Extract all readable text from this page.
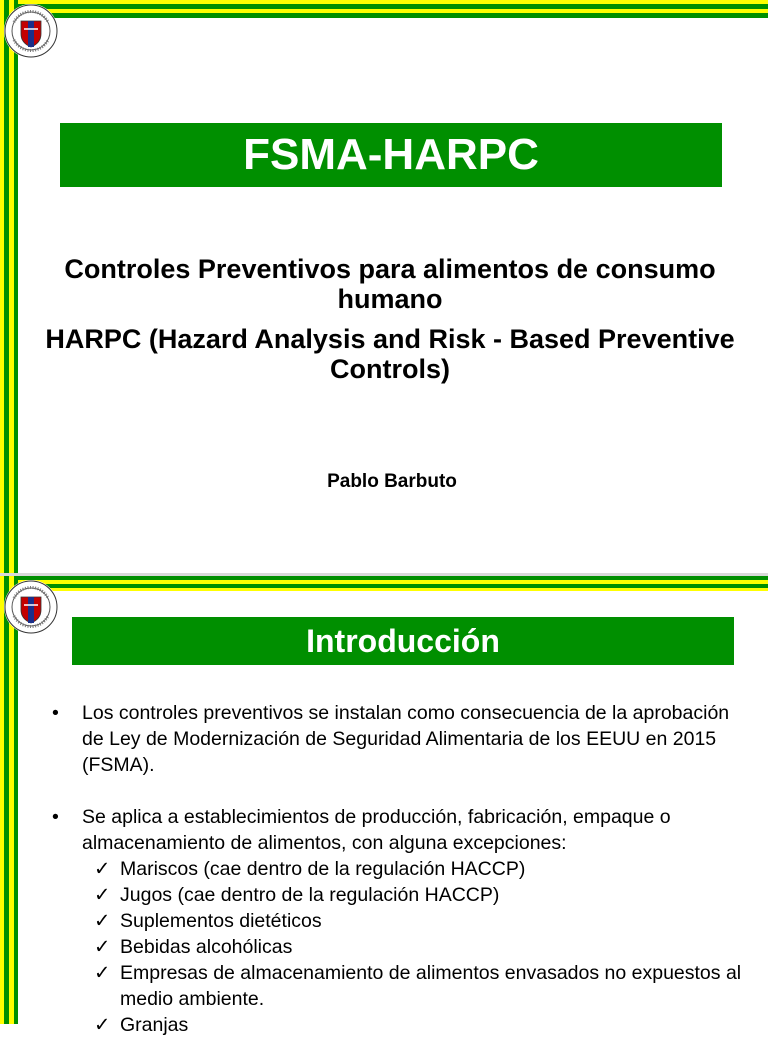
FSMA-HARPC
Controles Preventivos para alimentos de consumo humano
HARPC (Hazard Analysis and Risk - Based Preventive Controls)
Pablo Barbuto
Introducción
• Los controles preventivos se instalan como consecuencia de la aprobación de Ley de Modernización de Seguridad Alimentaria de los EEUU en 2015 (FSMA).
• Se aplica a establecimientos de producción, fabricación, empaque o almacenamiento de alimentos, con alguna excepciones:
✓ Mariscos (cae dentro de la regulación HACCP)
✓ Jugos (cae dentro de la regulación HACCP)
✓ Suplementos dietéticos
✓ Bebidas alcohólicas
✓ Empresas de almacenamiento de alimentos envasados no expuestos al medio ambiente.
✓ Granjas
